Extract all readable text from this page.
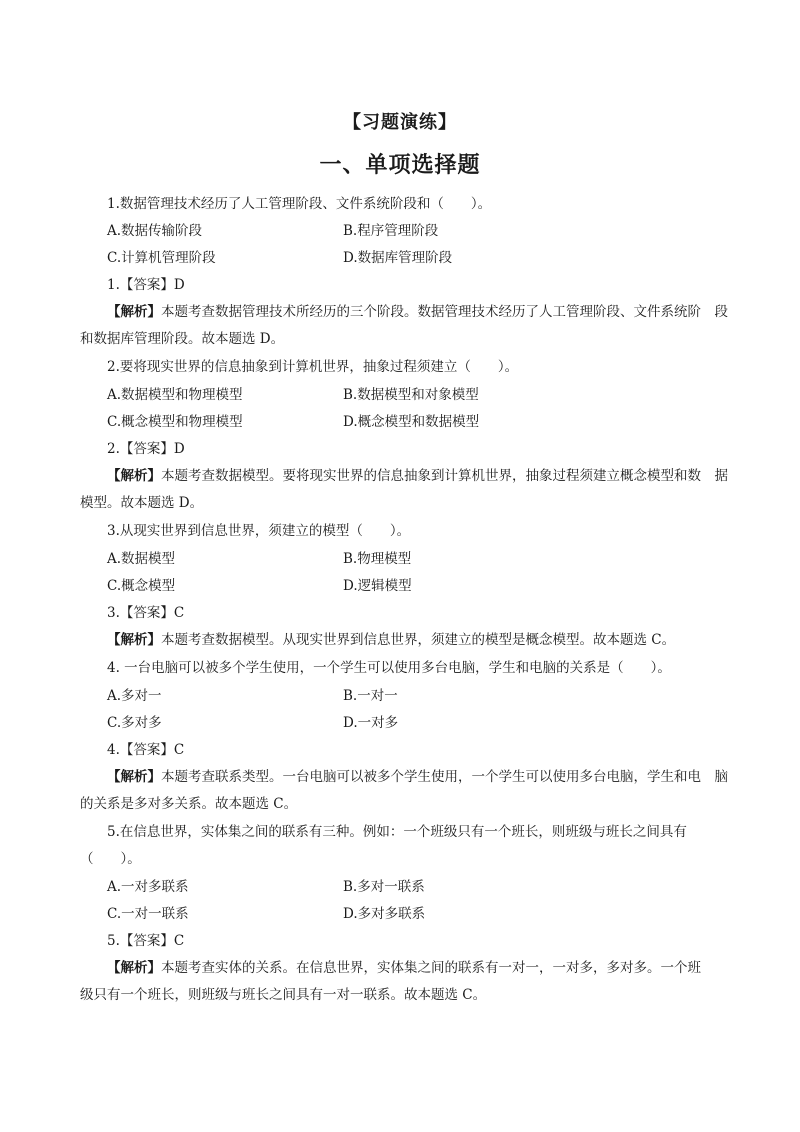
【习题演练】
一、单项选择题
1.数据管理技术经历了人工管理阶段、文件系统阶段和（　　）。
A.数据传输阶段	B.程序管理阶段
C.计算机管理阶段	D.数据库管理阶段
1.【答案】D
【解析】本题考查数据管理技术所经历的三个阶段。数据管理技术经历了人工管理阶段、文件系统阶　段
和数据库管理阶段。故本题选 D。
2.要将现实世界的信息抽象到计算机世界，抽象过程须建立（　　）。
A.数据模型和物理模型	B.数据模型和对象模型
C.概念模型和物理模型	D.概念模型和数据模型
2.【答案】D
【解析】本题考查数据模型。要将现实世界的信息抽象到计算机世界，抽象过程须建立概念模型和数　据
模型。故本题选 D。
3.从现实世界到信息世界，须建立的模型（　　）。
A.数据模型	B.物理模型
C.概念模型	D.逻辑模型
3.【答案】C
【解析】本题考查数据模型。从现实世界到信息世界，须建立的模型是概念模型。故本题选 C。
4. 一台电脑可以被多个学生使用，一个学生可以使用多台电脑，学生和电脑的关系是（　　）。
A.多对一	B.一对一
C.多对多	D.一对多
4.【答案】C
【解析】本题考查联系类型。一台电脑可以被多个学生使用，一个学生可以使用多台电脑，学生和电　脑
的关系是多对多关系。故本题选 C。
5.在信息世界，实体集之间的联系有三种。例如：一个班级只有一个班长，则班级与班长之间具有
（　　）。
A.一对多联系	B.多对一联系
C.一对一联系	D.多对多联系
5.【答案】C
【解析】本题考查实体的关系。在信息世界，实体集之间的联系有一对一，一对多，多对多。一个班
级只有一个班长，则班级与班长之间具有一对一联系。故本题选 C。
